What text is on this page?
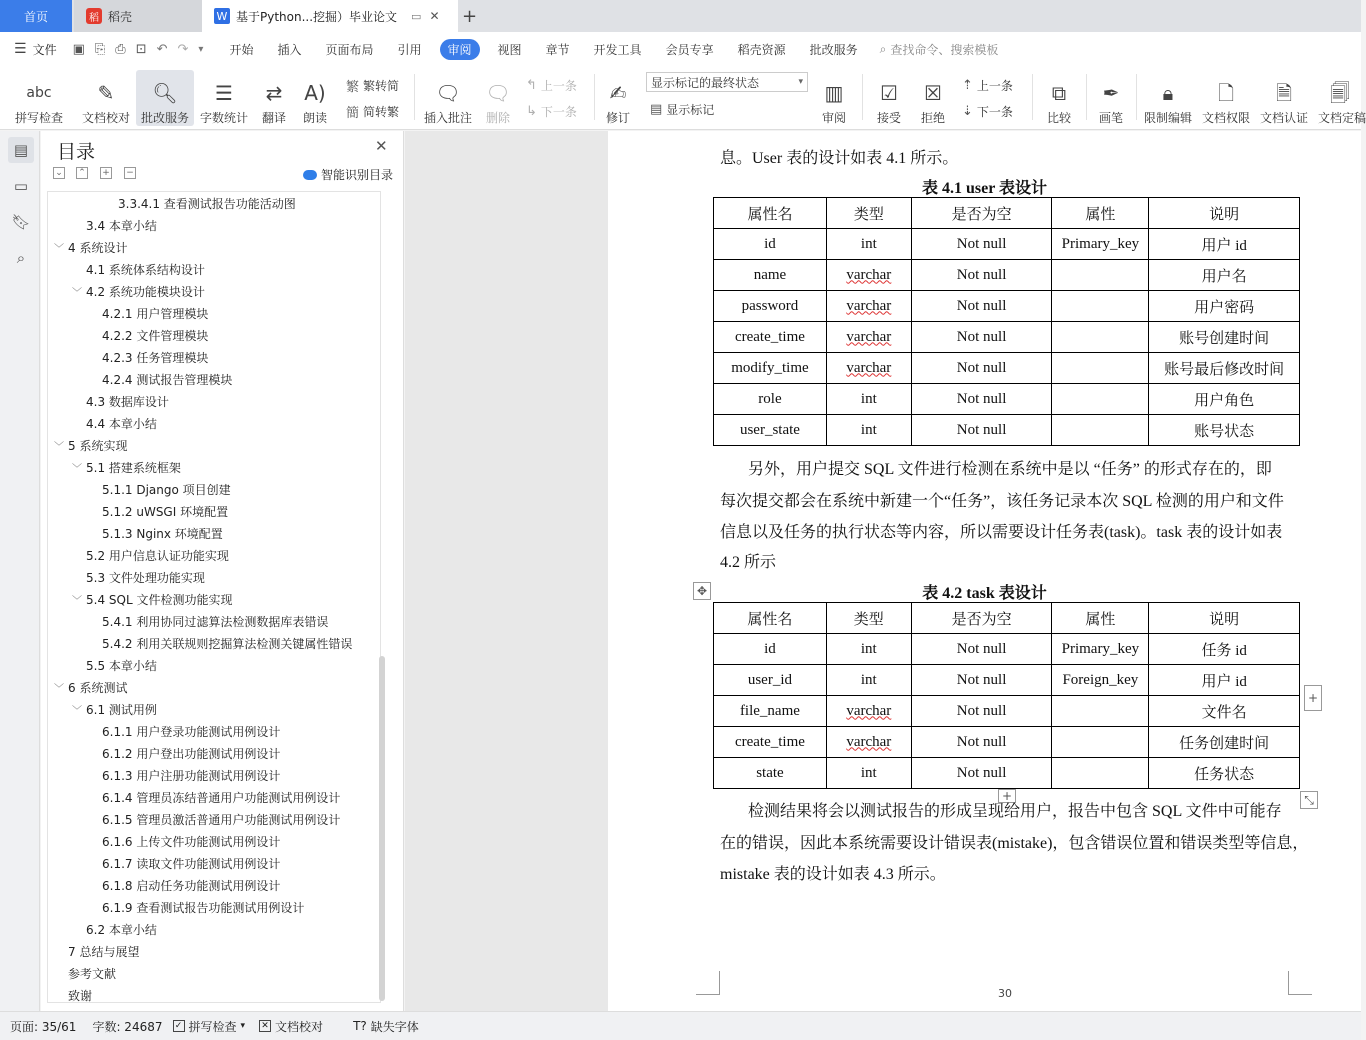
首页	稻 稻壳	W 基于Python...挖掘）毕业论文 ▭ ✕ +
☰ 文件 ▣ ⎘ ⎙ ⊡ ↶ ↷ ▾ 开始 插入 页面布局 引用	审阅	视图 章节 开发工具 会员专享 稻壳资源 批改服务 ⌕ 查找命令、搜索模板
abc
拼写检查
✎
文档校对
🔍︎
批改服务
☰
字数统计
⇄
翻译
A)
朗读
繁 繁转简
簡 简转繁
🗨︎
插入批注
🗨︎
删除
↰ 上一条
↳ 下一条
✍︎
修订
显示标记的最终状态	▾
▤ 显示标记
▥
审阅
☑
接受
☒
拒绝
⇡ 上一条
⇣ 下一条
⧉
比较
✒
画笔
🔒︎
限制编辑
🗋
文档权限
🗎
文档认证
🗐
文档定稿
▤
▭
🔖︎
⌕
目录	✕
⌄ ⌃ + −	智能识别目录
3.3.4.1 查看测试报告功能活动图
3.4 本章小结
﹀ 4 系统设计
4.1 系统体系结构设计
﹀ 4.2 系统功能模块设计
4.2.1 用户管理模块
4.2.2 文件管理模块
4.2.3 任务管理模块
4.2.4 测试报告管理模块
4.3 数据库设计
4.4 本章小结
﹀ 5 系统实现
﹀ 5.1 搭建系统框架
5.1.1 Django 项目创建
5.1.2 uWSGI 环境配置
5.1.3 Nginx 环境配置
5.2 用户信息认证功能实现
5.3 文件处理功能实现
﹀ 5.4 SQL 文件检测功能实现
5.4.1 利用协同过滤算法检测数据库表错误
5.4.2 利用关联规则挖掘算法检测关键属性错误
5.5 本章小结
﹀ 6 系统测试
﹀ 6.1 测试用例
6.1.1 用户登录功能测试用例设计
6.1.2 用户登出功能测试用例设计
6.1.3 用户注册功能测试用例设计
6.1.4 管理员冻结普通用户功能测试用例设计
6.1.5 管理员激活普通用户功能测试用例设计
6.1.6 上传文件功能测试用例设计
6.1.7 读取文件功能测试用例设计
6.1.8 启动任务功能测试用例设计
6.1.9 查看测试报告功能测试用例设计
6.2 本章小结
7 总结与展望
参考文献
致谢
息。User 表的设计如表 4.1 所示。
表 4.1 user 表设计
属性名	类型	是否为空	属性	说明
id	int	Not null	Primary_key	用户 id
name	varchar	Not null		用户名
password	varchar	Not null		用户密码
create_time	varchar	Not null		账号创建时间
modify_time	varchar	Not null		账号最后修改时间
role	int	Not null		用户角色
user_state	int	Not null		账号状态
另外，用户提交 SQL 文件进行检测在系统中是以 “任务” 的形式存在的，即
每次提交都会在系统中新建一个“任务”，该任务记录本次 SQL 检测的用户和文件
信息以及任务的执行状态等内容，所以需要设计任务表(task)。task 表的设计如表
4.2 所示
表 4.2 task 表设计
✥
属性名	类型	是否为空	属性	说明
id	int	Not null	Primary_key	任务 id
user_id	int	Not null	Foreign_key	用户 id
file_name	varchar	Not null		文件名
create_time	varchar	Not null		任务创建时间
state	int	Not null		任务状态
+
+	⤡
检测结果将会以测试报告的形成呈现给用户，报告中包含 SQL 文件中可能存
在的错误，因此本系统需要设计错误表(mistake)，包含错误位置和错误类型等信息，
mistake 表的设计如表 4.3 所示。
30
页面: 35/61 字数: 24687 ✓ 拼写检查 ▾ ✕ 文档校对	T? 缺失字体
